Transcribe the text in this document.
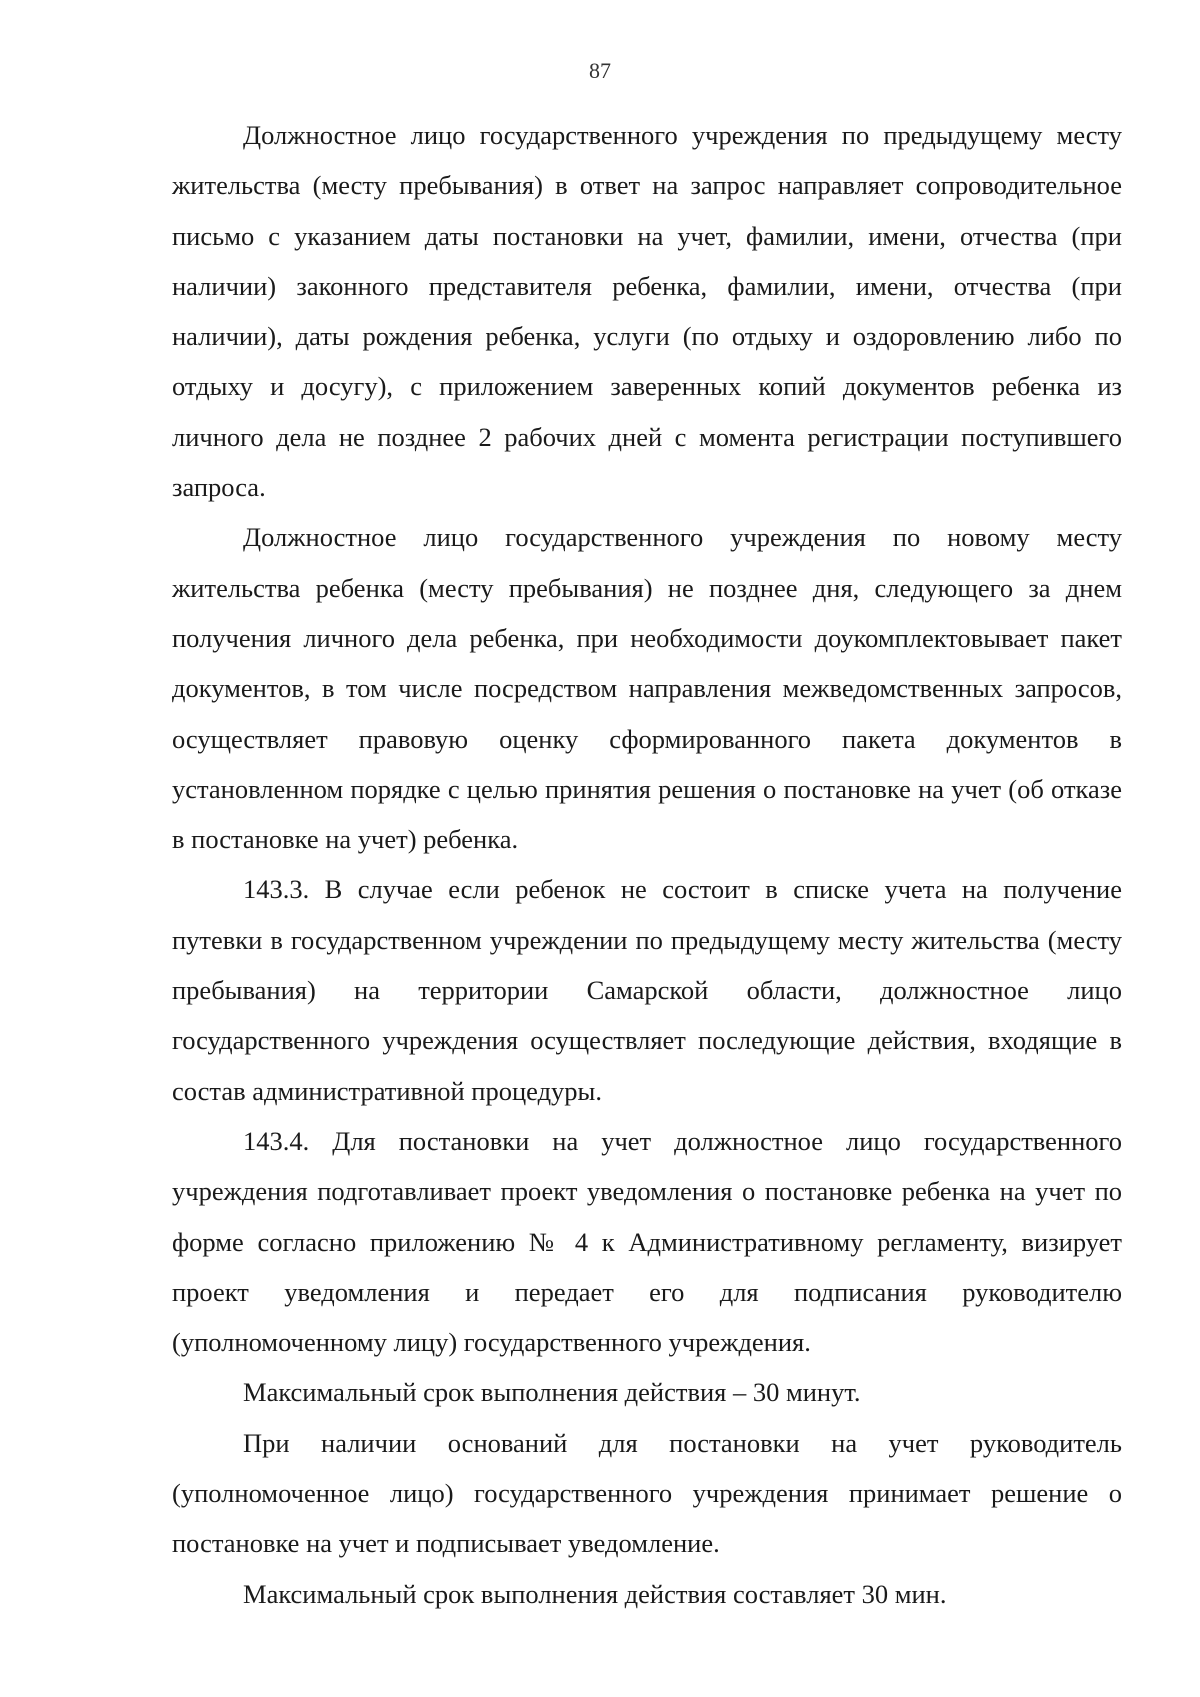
87

Должностное лицо государственного учреждения по предыдущему месту жительства (месту пребывания) в ответ на запрос направляет сопроводительное письмо с указанием даты постановки на учет, фамилии, имени, отчества (при наличии) законного представителя ребенка, фамилии, имени, отчества (при наличии), даты рождения ребенка, услуги (по отдыху и оздоровлению либо по отдыху и досугу), с приложением заверенных копий документов ребенка из личного дела не позднее 2 рабочих дней с момента регистрации поступившего запроса.

Должностное лицо государственного учреждения по новому месту жительства ребенка (месту пребывания) не позднее дня, следующего за днем получения личного дела ребенка, при необходимости доукомплектовывает пакет документов, в том числе посредством направления межведомственных запросов, осуществляет правовую оценку сформированного пакета документов в установленном порядке с целью принятия решения о постановке на учет (об отказе в постановке на учет) ребенка.

143.3. В случае если ребенок не состоит в списке учета на получение путевки в государственном учреждении по предыдущему месту жительства (месту пребывания) на территории Самарской области, должностное лицо государственного учреждения осуществляет последующие действия, входящие в состав административной процедуры.

143.4. Для постановки на учет должностное лицо государственного учреждения подготавливает проект уведомления о постановке ребенка на учет по форме согласно приложению № 4 к Административному регламенту, визирует проект уведомления и передает его для подписания руководителю (уполномоченному лицу) государственного учреждения.

Максимальный срок выполнения действия – 30 минут.

При наличии оснований для постановки на учет руководитель (уполномоченное лицо) государственного учреждения принимает решение о постановке на учет и подписывает уведомление.

Максимальный срок выполнения действия составляет 30 мин.
